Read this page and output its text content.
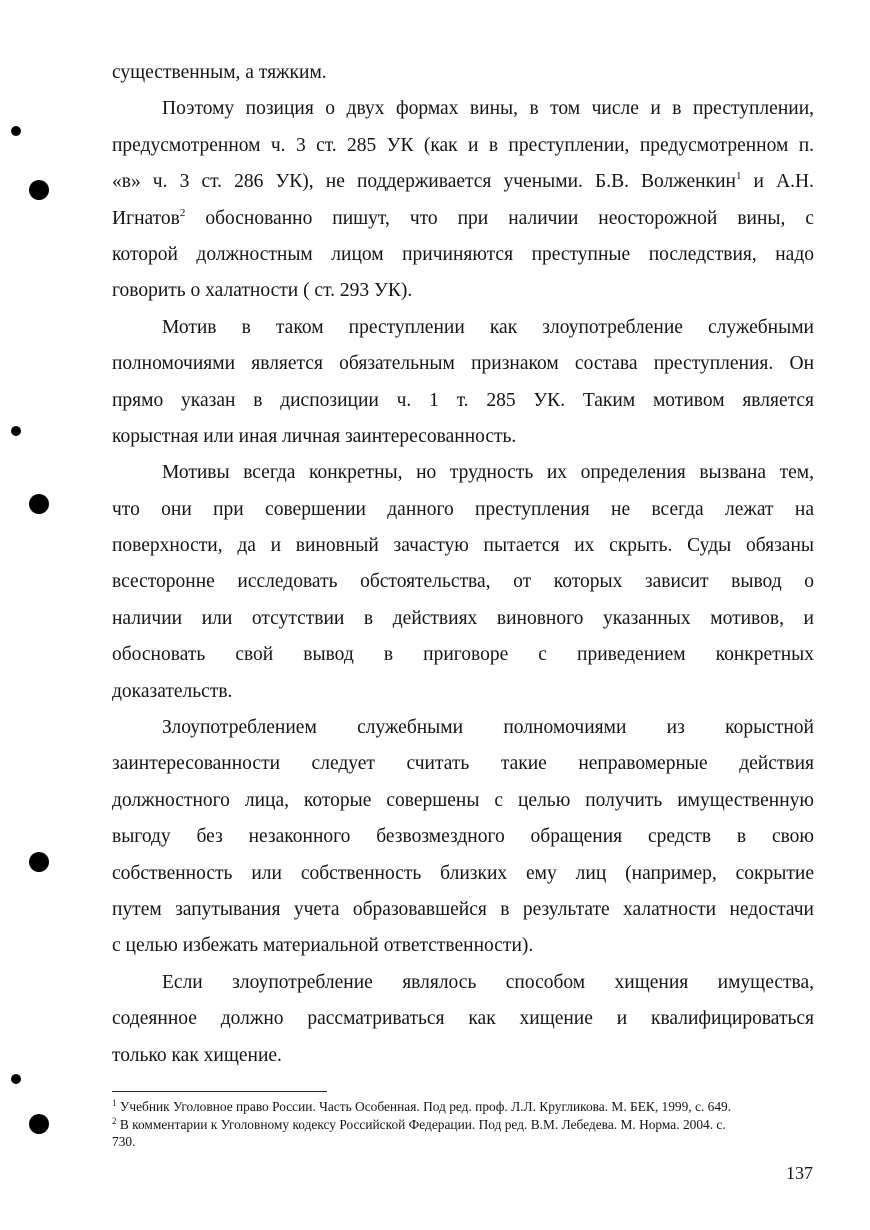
существенным, а тяжким.
Поэтому позиция о двух формах вины, в том числе и в преступлении,
предусмотренном ч. 3 ст. 285 УК (как и в преступлении, предусмотренном п.
«в» ч. 3 ст. 286 УК), не поддерживается учеными. Б.В. Волженкин$^1$ и А.Н.
Игнатов$^2$ обоснованно пишут, что при наличии неосторожной вины, с
которой должностным лицом причиняются преступные последствия, надо
говорить о халатности ( ст. 293 УК).
Мотив в таком преступлении как злоупотребление служебными
полномочиями является обязательным признаком состава преступления. Он
прямо указан в диспозиции ч. 1 т. 285 УК. Таким мотивом является
корыстная или иная личная заинтересованность.
Мотивы всегда конкретны, но трудность их определения вызвана тем,
что они при совершении данного преступления не всегда лежат на
поверхности, да и виновный зачастую пытается их скрыть. Суды обязаны
всесторонне исследовать обстоятельства, от которых зависит вывод о
наличии или отсутствии в действиях виновного указанных мотивов, и
обосновать свой вывод в приговоре с приведением конкретных
доказательств.
Злоупотреблением служебными полномочиями из корыстной
заинтересованности следует считать такие неправомерные действия
должностного лица, которые совершены с целью получить имущественную
выгоду без незаконного безвозмездного обращения средств в свою
собственность или собственность близких ему лиц (например, сокрытие
путем запутывания учета образовавшейся в результате халатности недостачи
с целью избежать материальной ответственности).
Если злоупотребление являлось способом хищения имущества,
содеянное должно рассматриваться как хищение и квалифицироваться
только как хищение.
$^1$ Учебник Уголовное право России. Часть Особенная. Под ред. проф. Л.Л. Кругликова. М. БЕК, 1999, с. 649.
$^2$ В комментарии к Уголовному кодексу Российской Федерации. Под ред. В.М. Лебедева. М. Норма. 2004. с.
730.
137
